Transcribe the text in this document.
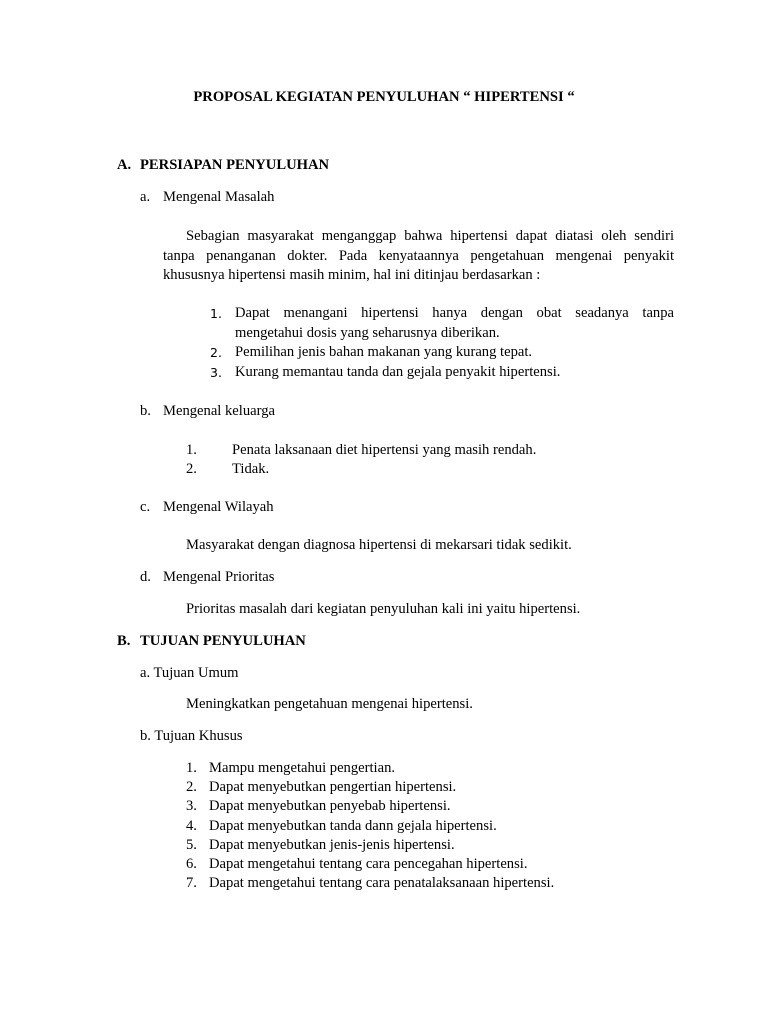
PROPOSAL KEGIATAN PENYULUHAN “ HIPERTENSI “
A. PERSIAPAN PENYULUHAN
a. Mengenal Masalah
Sebagian masyarakat menganggap bahwa hipertensi dapat diatasi oleh sendiri
tanpa penanganan dokter. Pada kenyataannya pengetahuan mengenai penyakit
khususnya hipertensi masih minim, hal ini ditinjau berdasarkan :
1. Dapat menangani hipertensi hanya dengan obat seadanya tanpa mengetahui dosis yang seharusnya diberikan.
2. Pemilihan jenis bahan makanan yang kurang tepat.
3. Kurang memantau tanda dan gejala penyakit hipertensi.
b. Mengenal keluarga
1. Penata laksanaan diet hipertensi yang masih rendah.
2. Tidak.
c. Mengenal Wilayah
Masyarakat dengan diagnosa hipertensi di mekarsari tidak sedikit.
d. Mengenal Prioritas
Prioritas masalah dari kegiatan penyuluhan kali ini yaitu hipertensi.
B. TUJUAN PENYULUHAN
a. Tujuan Umum
Meningkatkan pengetahuan mengenai hipertensi.
b. Tujuan Khusus
1. Mampu mengetahui pengertian.
2. Dapat menyebutkan pengertian hipertensi.
3. Dapat menyebutkan penyebab hipertensi.
4. Dapat menyebutkan tanda dann gejala hipertensi.
5. Dapat menyebutkan jenis-jenis hipertensi.
6. Dapat mengetahui tentang cara pencegahan hipertensi.
7. Dapat mengetahui tentang cara penatalaksanaan hipertensi.
